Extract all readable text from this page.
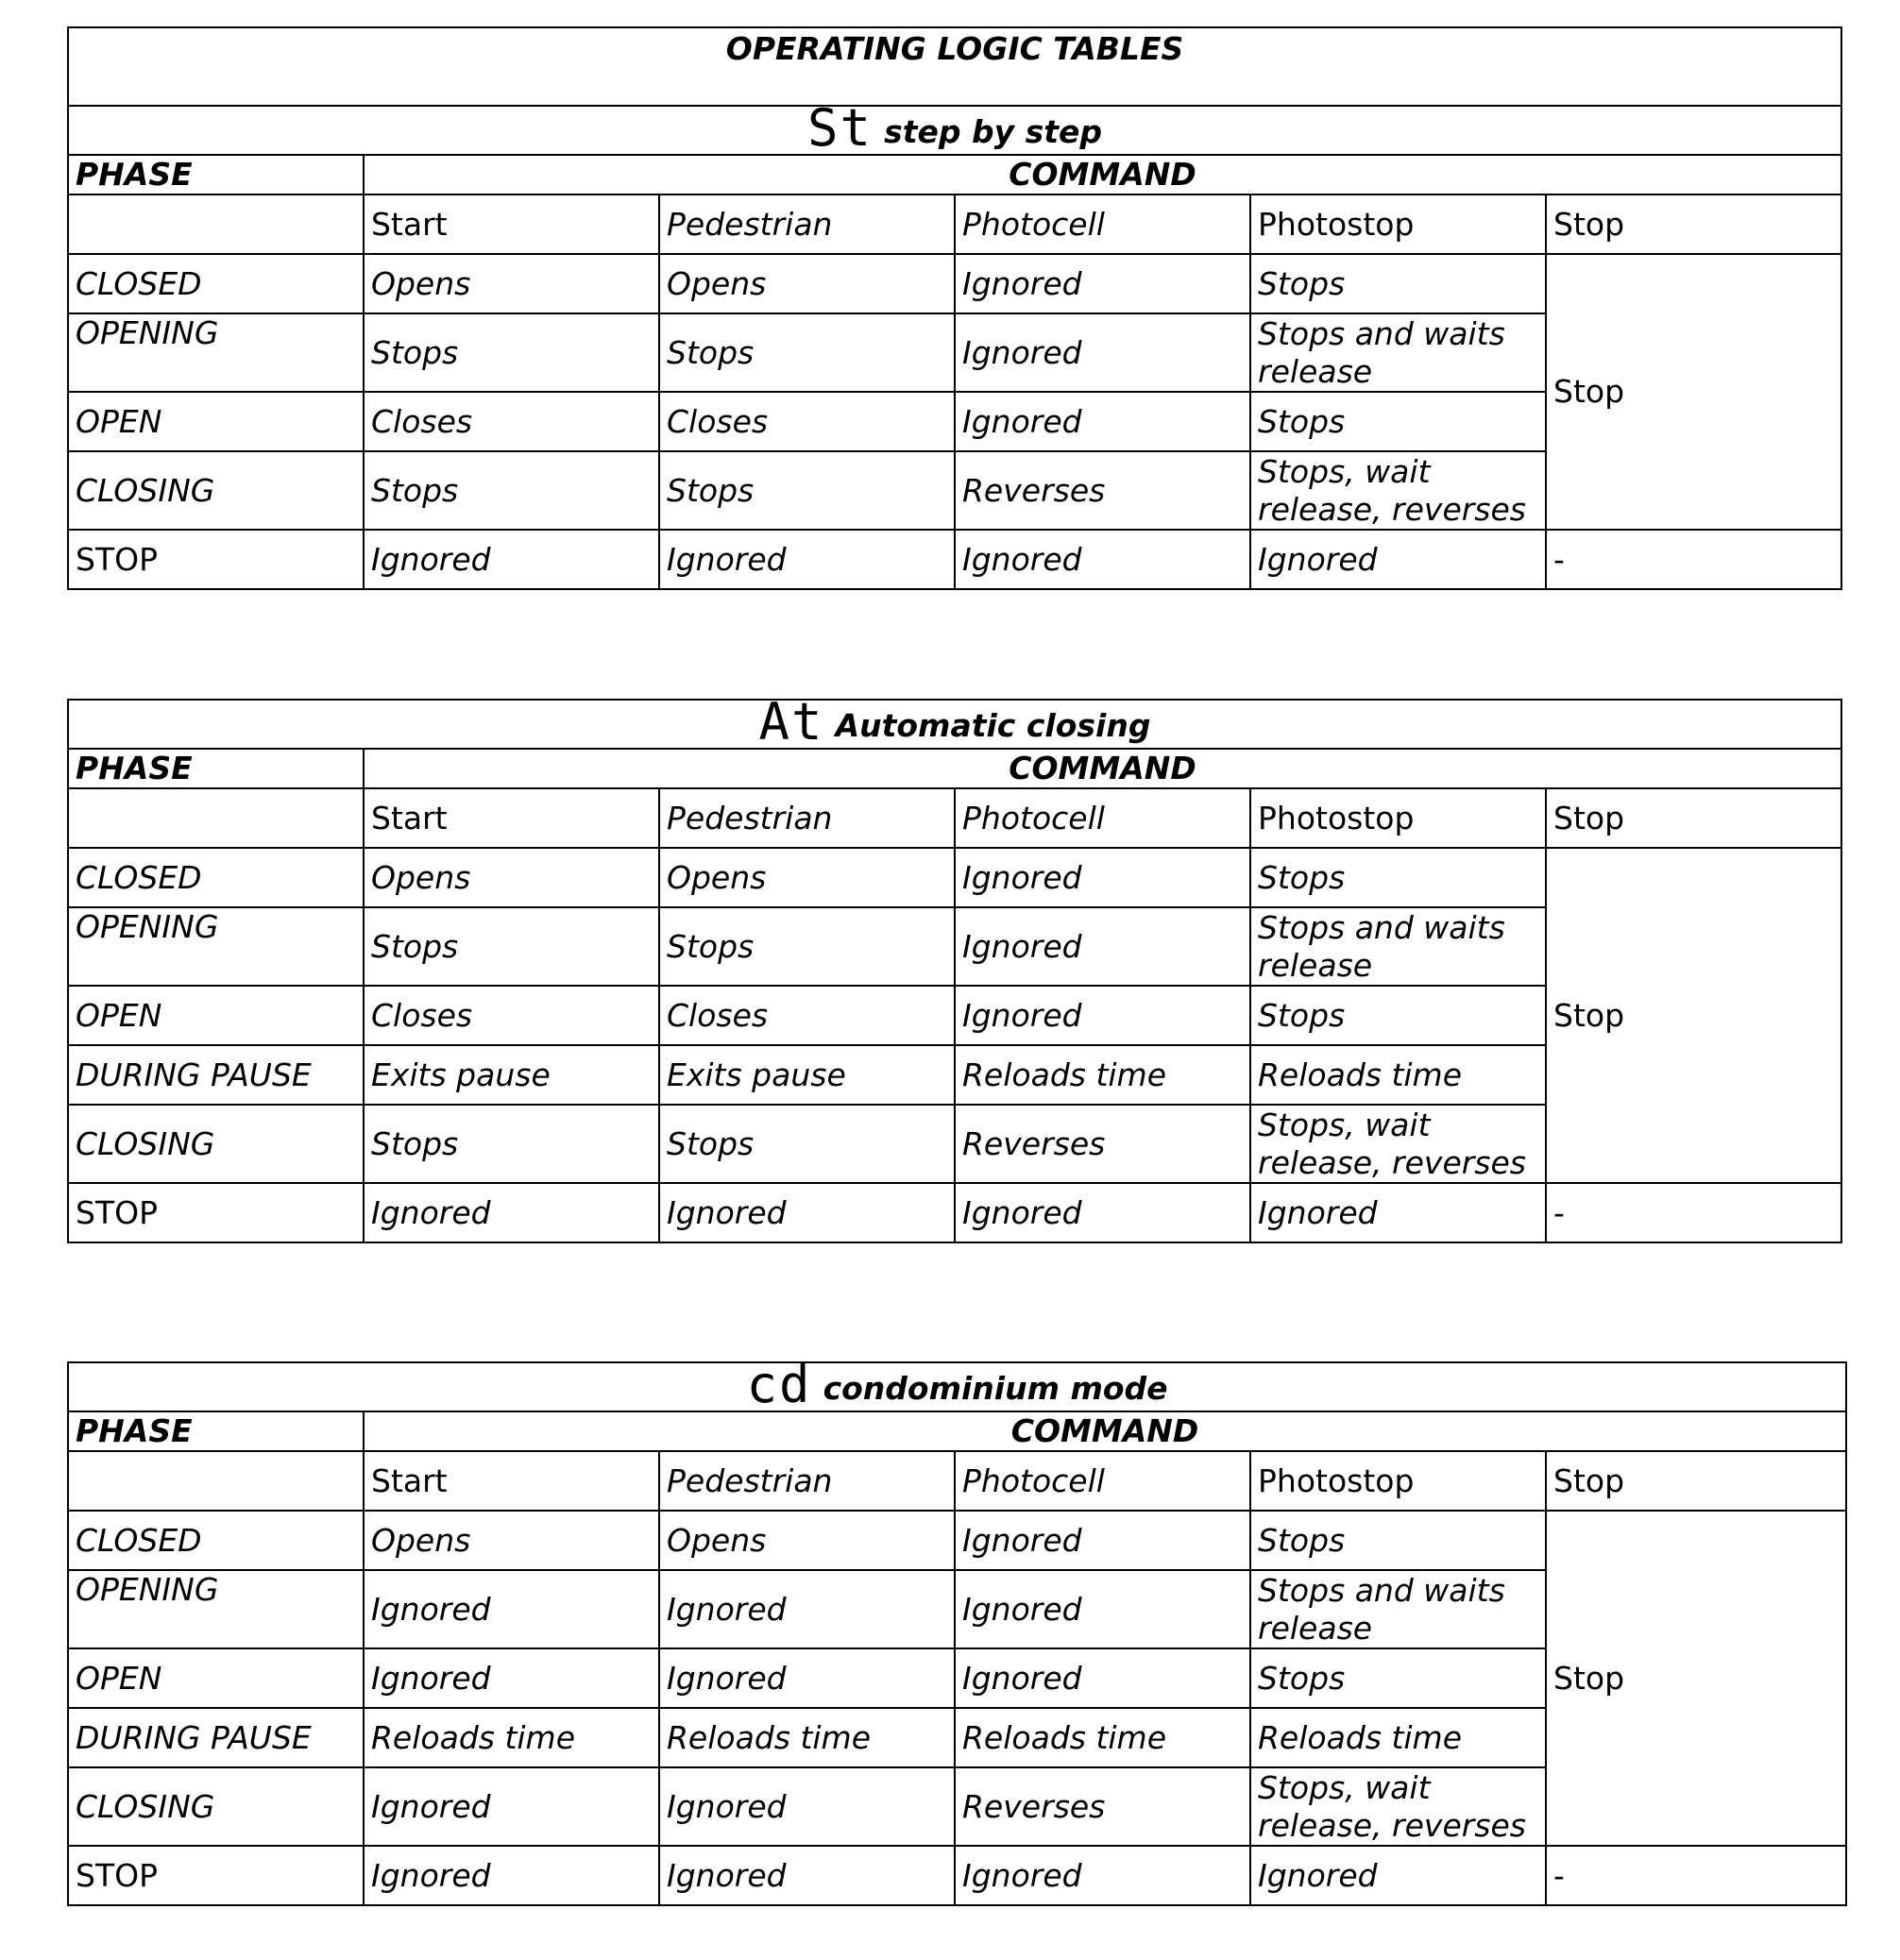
OPERATING LOGIC TABLES					
St step by step					
PHASE	COMMAND				
	Start	Pedestrian	Photocell	Photostop	Stop
CLOSED	Opens	Opens	Ignored	Stops	Stop
OPENING	Stops	Stops	Ignored	Stops and waits release	
OPEN	Closes	Closes	Ignored	Stops	
CLOSING	Stops	Stops	Reverses	Stops, wait release, reverses	
STOP	Ignored	Ignored	Ignored	Ignored	-
At Automatic closing					
PHASE	COMMAND				
	Start	Pedestrian	Photocell	Photostop	Stop
CLOSED	Opens	Opens	Ignored	Stops	Stop
OPENING	Stops	Stops	Ignored	Stops and waits release	
OPEN	Closes	Closes	Ignored	Stops	
DURING PAUSE	Exits pause	Exits pause	Reloads time	Reloads time	
CLOSING	Stops	Stops	Reverses	Stops, wait release, reverses	
STOP	Ignored	Ignored	Ignored	Ignored	-
cd condominium mode					
PHASE	COMMAND				
	Start	Pedestrian	Photocell	Photostop	Stop
CLOSED	Opens	Opens	Ignored	Stops	Stop
OPENING	Ignored	Ignored	Ignored	Stops and waits release	
OPEN	Ignored	Ignored	Ignored	Stops	
DURING PAUSE	Reloads time	Reloads time	Reloads time	Reloads time	
CLOSING	Ignored	Ignored	Reverses	Stops, wait release, reverses	
STOP	Ignored	Ignored	Ignored	Ignored	-
